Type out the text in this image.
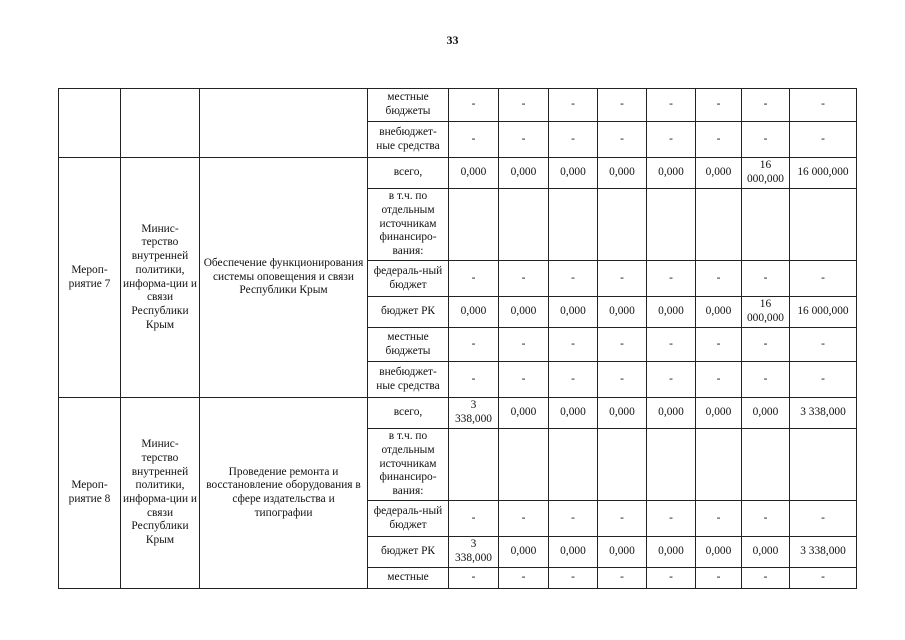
33
			местные бюджеты	-	-	-	-	-	-	-	-
			внебюджет-ные средства	-	-	-	-	-	-	-	-
Мероп-риятие 7	Минис-терство внутренней политики, информа-ции и связи Республики Крым	Обеспечение функционирования системы оповещения и связи Республики Крым	всего,	0,000	0,000	0,000	0,000	0,000	0,000	16 000,000	16 000,000
			в т.ч. по отдельным источникам финансиро-вания:								
			федераль-ный бюджет	-	-	-	-	-	-	-	-
			бюджет РК	0,000	0,000	0,000	0,000	0,000	0,000	16 000,000	16 000,000
			местные бюджеты	-	-	-	-	-	-	-	-
			внебюджет-ные средства	-	-	-	-	-	-	-	-
Мероп-риятие 8	Минис-терство внутренней политики, информа-ции и связи Республики Крым	Проведение ремонта и восстановление оборудования в сфере издательства и типографии	всего,	3 338,000	0,000	0,000	0,000	0,000	0,000	0,000	3 338,000
			в т.ч. по отдельным источникам финансиро-вания:								
			федераль-ный бюджет	-	-	-	-	-	-	-	-
			бюджет РК	3 338,000	0,000	0,000	0,000	0,000	0,000	0,000	3 338,000
			местные	-	-	-	-	-	-	-	-
